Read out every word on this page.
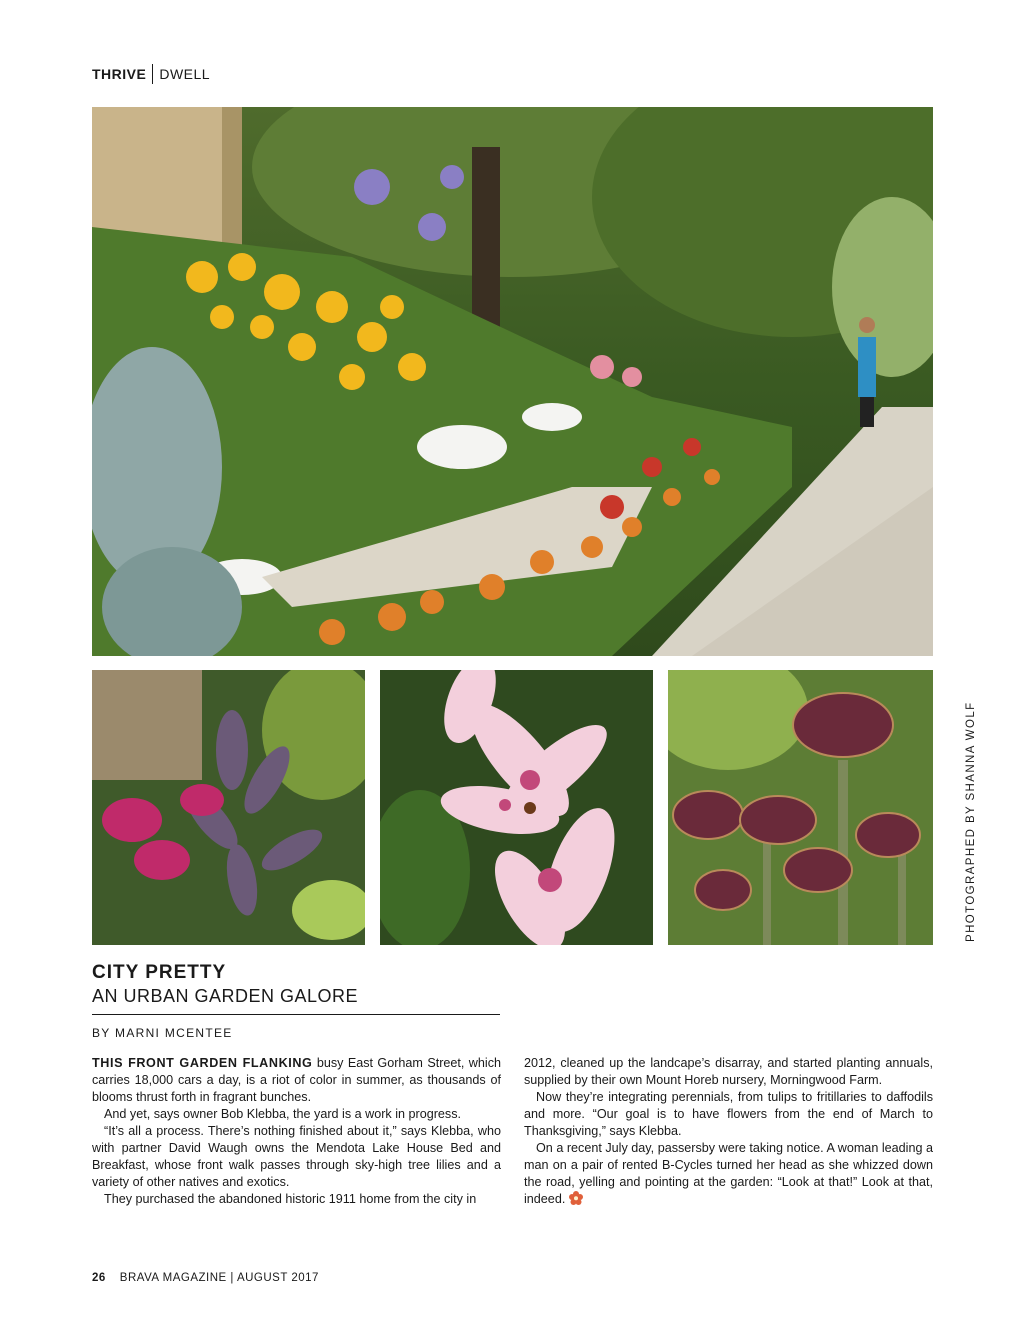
THRIVE DWELL
PHOTOGRAPHED BY SHANNA WOLF
CITY PRETTY
AN URBAN GARDEN GALORE
BY MARNI MCENTEE

THIS FRONT GARDEN FLANKING busy East Gorham Street, which carries 18,000 cars a day, is a riot of color in summer, as thousands of blooms thrust forth in fragrant bunches.

And yet, says owner Bob Klebba, the yard is a work in progress.

“It’s all a process. There’s nothing finished about it,” says Klebba, who with partner David Waugh owns the Mendota Lake House Bed and Breakfast, whose front walk passes through sky-high tree lilies and a variety of other natives and exotics.

They purchased the abandoned historic 1911 home from the city in

2012, cleaned up the landcape’s disarray, and started planting annuals, supplied by their own Mount Horeb nursery, Morningwood Farm.

Now they’re integrating perennials, from tulips to fritillaries to daffodils and more. “Our goal is to have flowers from the end of March to Thanksgiving,” says Klebba.

On a recent July day, passersby were taking notice. A woman leading a man on a pair of rented B-Cycles turned her head as she whizzed down the road, yelling and pointing at the garden: “Look at that!” Look at that, indeed.

26 BRAVA MAGAZINE | AUGUST 2017
